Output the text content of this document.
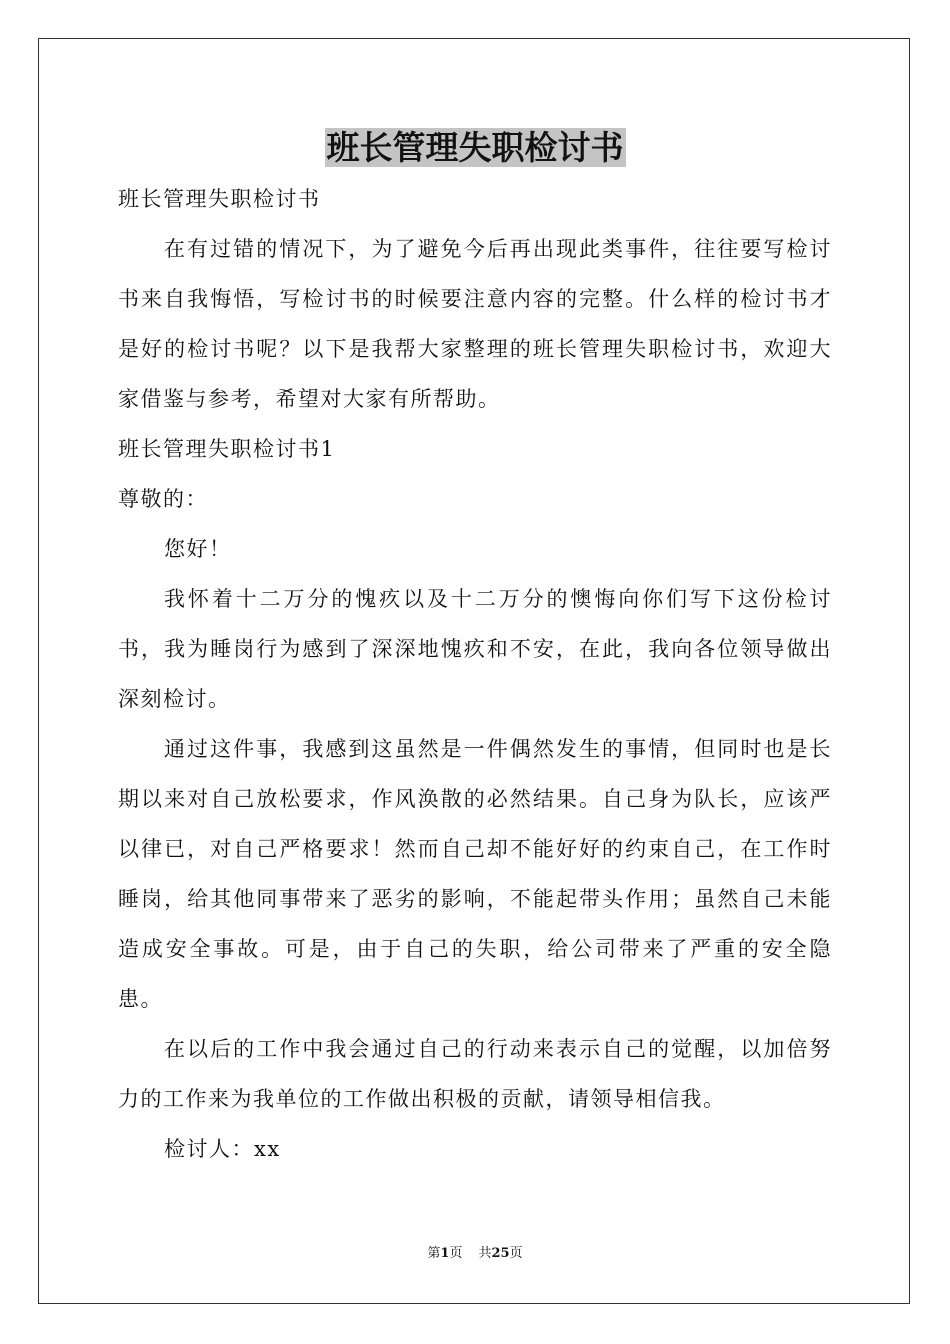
班长管理失职检讨书

班长管理失职检讨书

在有过错的情况下，为了避免今后再出现此类事件，往往要写检讨书来自我悔悟，写检讨书的时候要注意内容的完整。什么样的检讨书才是好的检讨书呢？以下是我帮大家整理的班长管理失职检讨书，欢迎大家借鉴与参考，希望对大家有所帮助。

班长管理失职检讨书1

尊敬的：

您好！

我怀着十二万分的愧疚以及十二万分的懊悔向你们写下这份检讨书，我为睡岗行为感到了深深地愧疚和不安，在此，我向各位领导做出深刻检讨。

通过这件事，我感到这虽然是一件偶然发生的事情，但同时也是长期以来对自己放松要求，作风涣散的必然结果。自己身为队长，应该严以律已，对自己严格要求！然而自己却不能好好的约束自己，在工作时睡岗，给其他同事带来了恶劣的影响，不能起带头作用；虽然自己未能造成安全事故。可是，由于自己的失职，给公司带来了严重的安全隐患。

在以后的工作中我会通过自己的行动来表示自己的觉醒，以加倍努力的工作来为我单位的工作做出积极的贡献，请领导相信我。

检讨人：xx

第1页 共25页
